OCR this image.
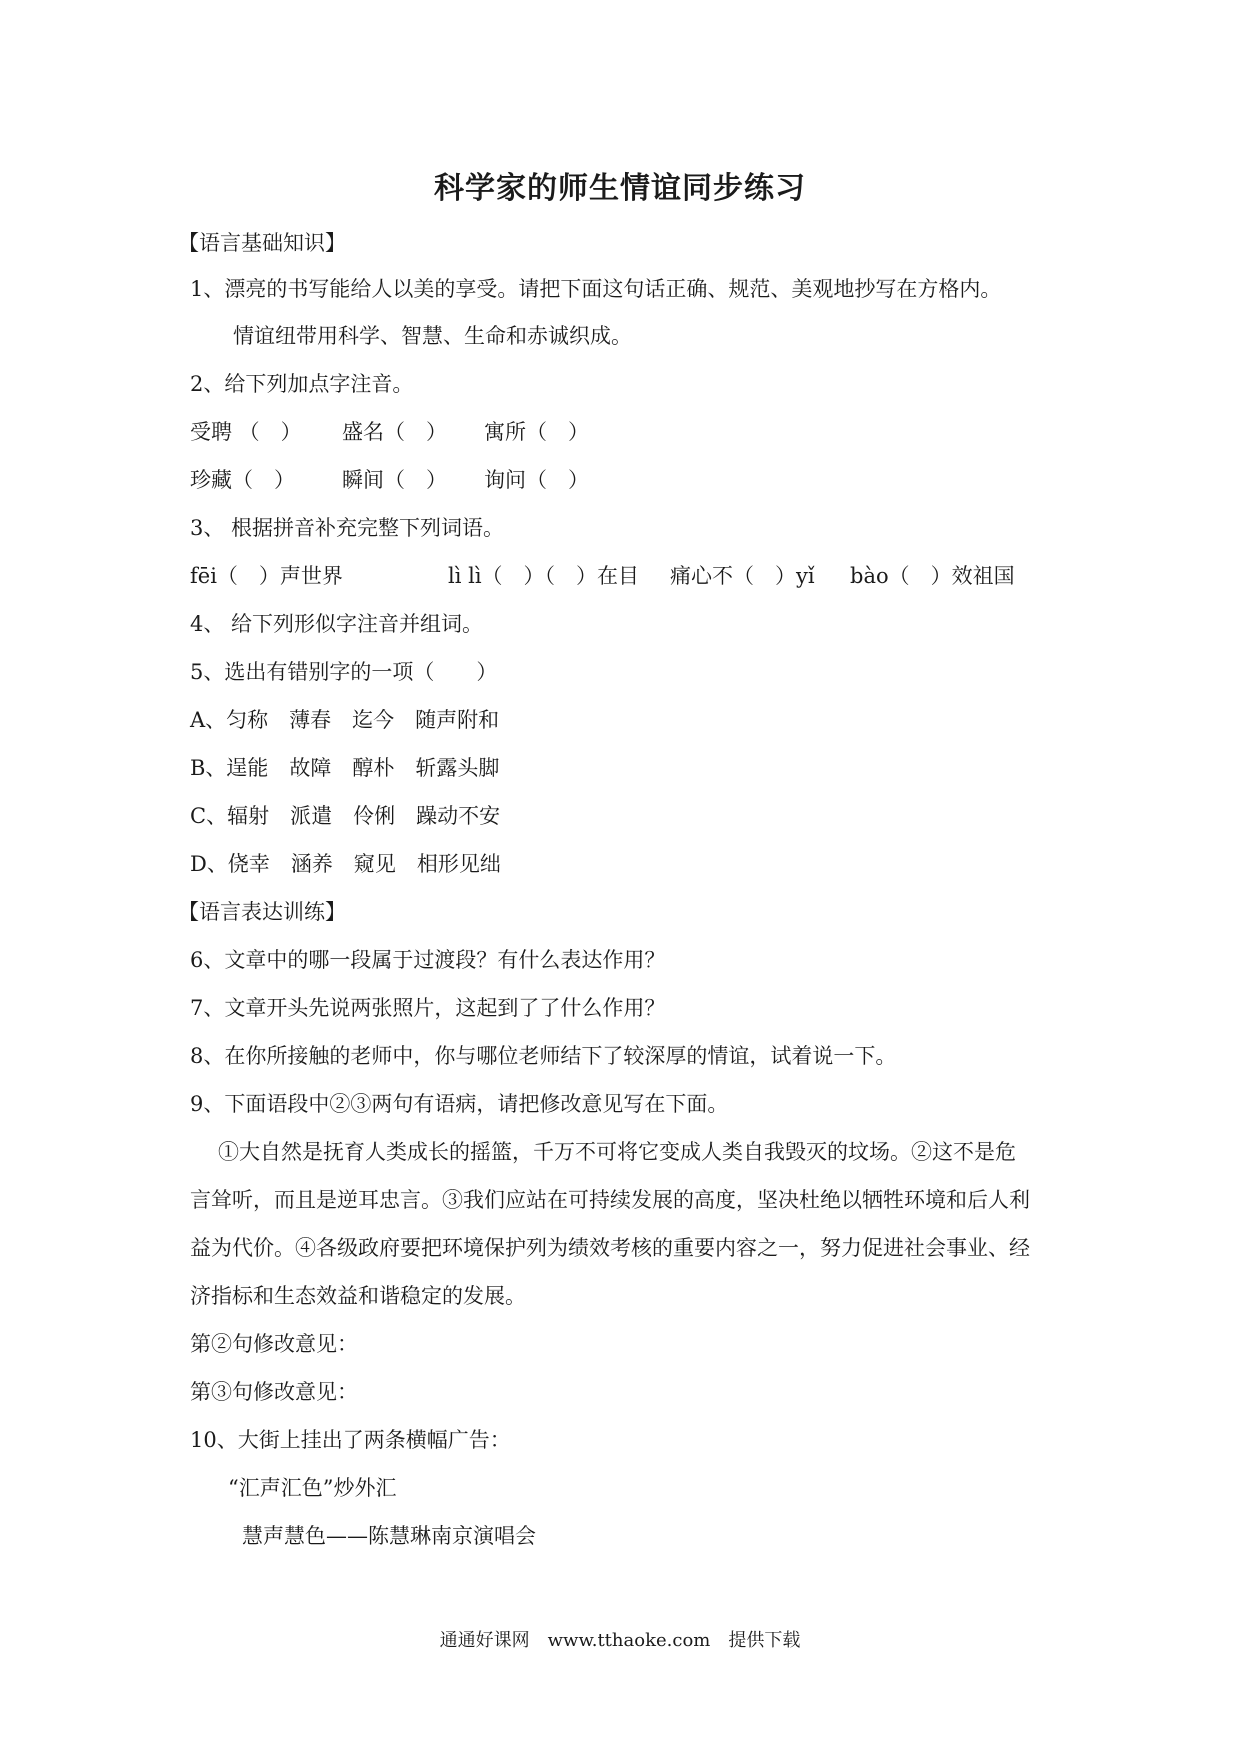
科学家的师生情谊同步练习
【语言基础知识】
1、漂亮的书写能给人以美的享受。请把下面这句话正确、规范、美观地抄写在方格内。
情谊纽带用科学、智慧、生命和赤诚织成。
2、给下列加点字注音。
受聘 （　） 盛名（　） 寓所（　）
珍藏（　） 瞬间（　） 询问（　）
3、 根据拼音补充完整下列词语。
fēi（　）声世界	lì lì（　）（　）在目 痛心不（　）yǐ bào（　）效祖国
4、 给下列形似字注音并组词。
5、选出有错别字的一项（　　）
A、匀称　薄春　迄今　随声附和
B、逞能　故障　醇朴　斩露头脚
C、辐射　派遣　伶俐　躁动不安
D、侥幸　涵养　窥见　相形见绌
【语言表达训练】
6、文章中的哪一段属于过渡段？有什么表达作用？
7、文章开头先说两张照片，这起到了了什么作用？
8、在你所接触的老师中，你与哪位老师结下了较深厚的情谊，试着说一下。
9、下面语段中②③两句有语病，请把修改意见写在下面。
①大自然是抚育人类成长的摇篮，千万不可将它变成人类自我毁灭的坟场。②这不是危
言耸听，而且是逆耳忠言。③我们应站在可持续发展的高度，坚决杜绝以牺牲环境和后人利
益为代价。④各级政府要把环境保护列为绩效考核的重要内容之一，努力促进社会事业、经
济指标和生态效益和谐稳定的发展。
第②句修改意见：
第③句修改意见：
10、大街上挂出了两条横幅广告：
“汇声汇色”炒外汇
慧声慧色——陈慧琳南京演唱会
通通好课网　www.tthaoke.com　提供下载
